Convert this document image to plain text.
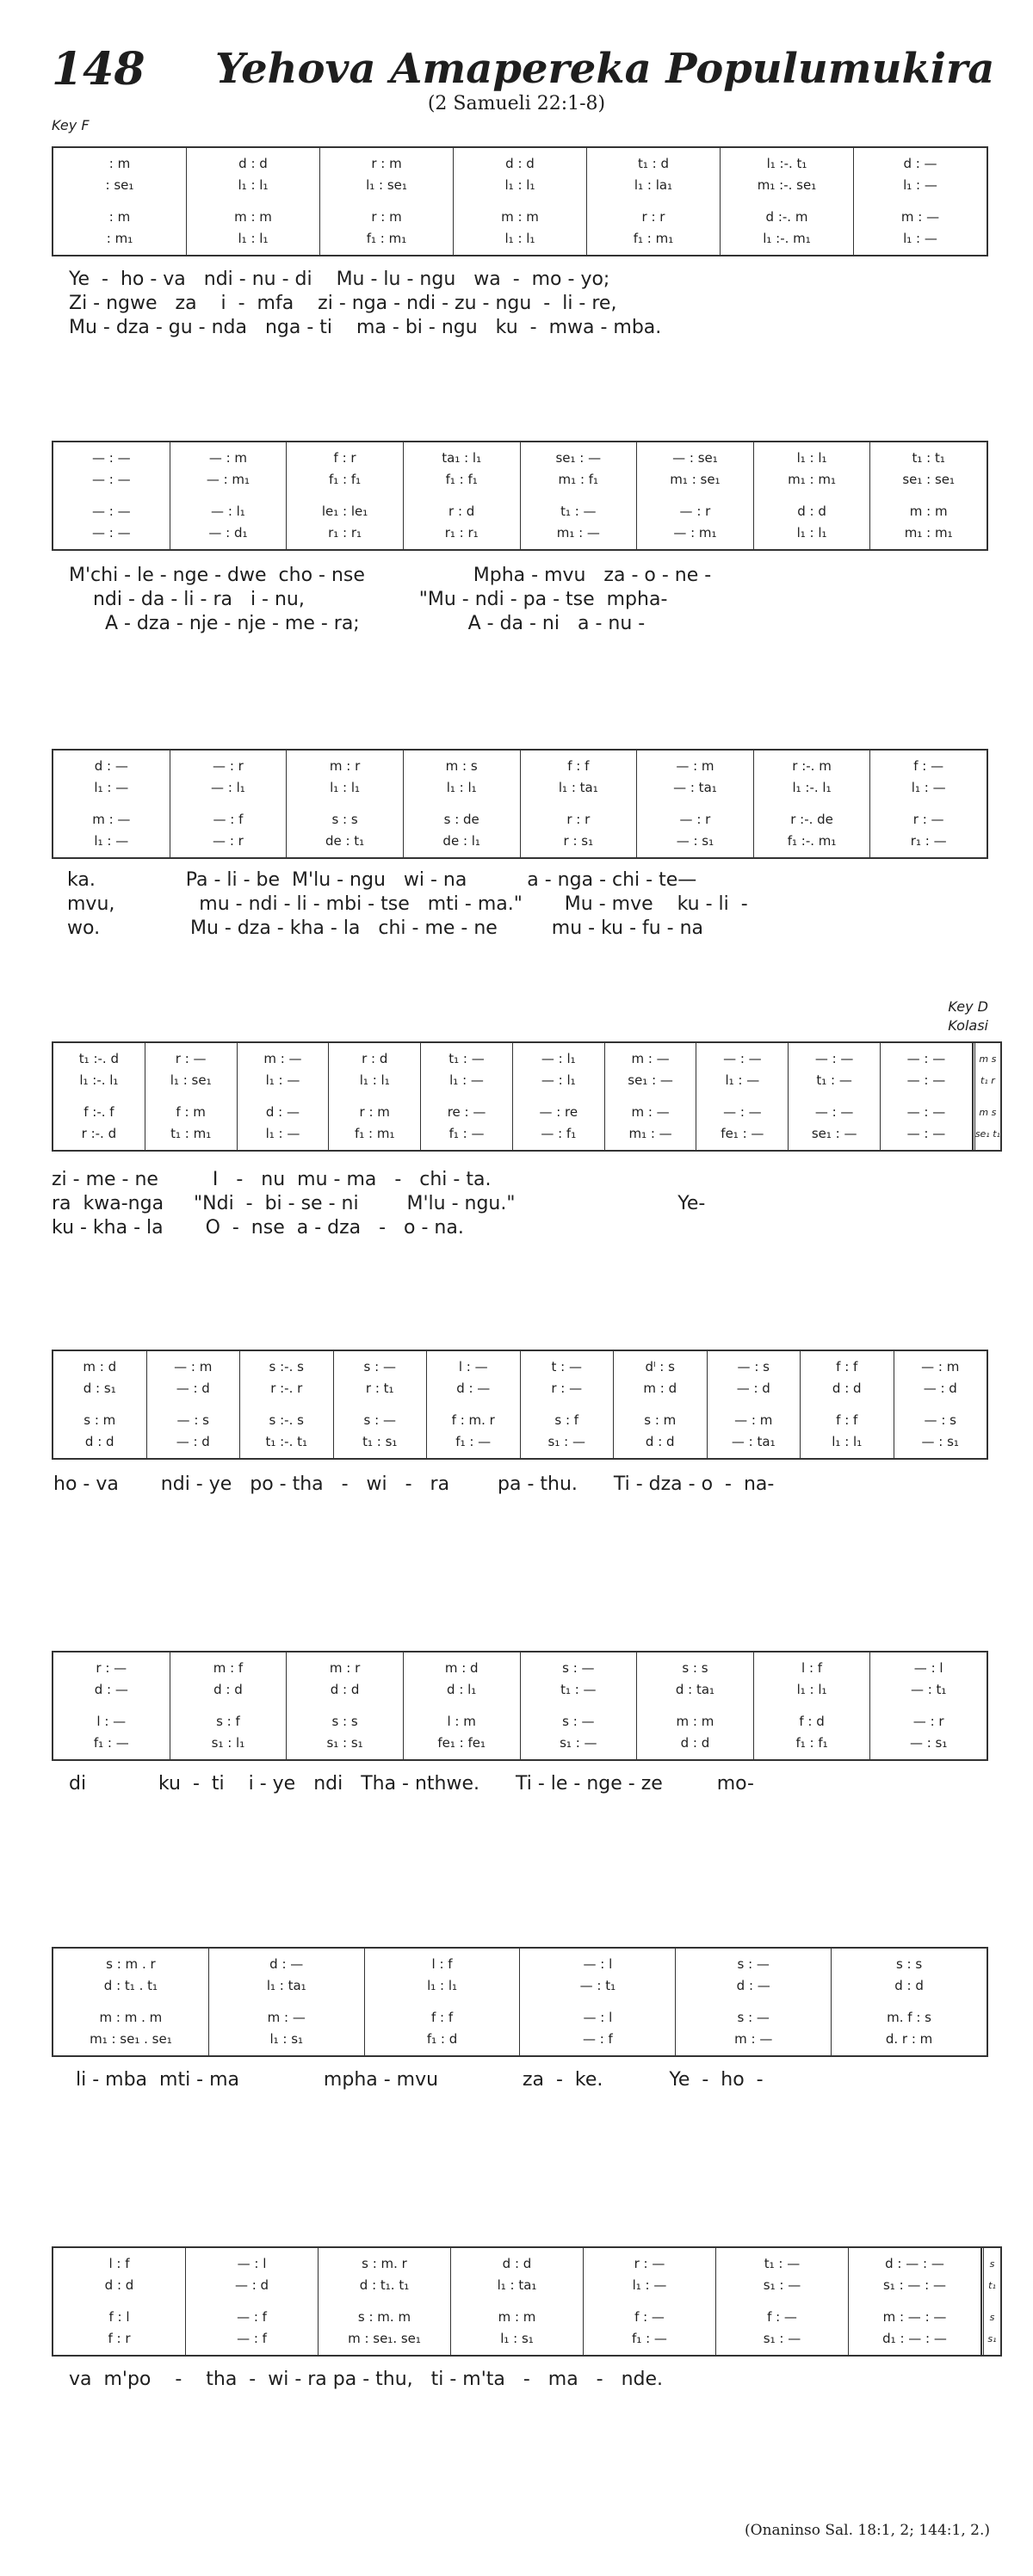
148 Yehova Amapereka Populumukira
(2 Samueli 22:1-8)
Key F
Key D
Kolasi
: m
: se₁
: m
: m₁
d : d
l₁ : l₁
m : m
l₁ : l₁
r : m
l₁ : se₁
r : m
f₁ : m₁
d : d
l₁ : l₁
m : m
l₁ : l₁
t₁ : d
l₁ : la₁
r : r
f₁ : m₁
l₁ :-. t₁
m₁ :-. se₁
d :-. m
l₁ :-. m₁
d : —
l₁ : —
m : —
l₁ : —
Ye  -  ho - va   ndi - nu - di    Mu - lu - ngu   wa  -  mo - yo;
Zi - ngwe   za    i  -  mfa    zi - nga - ndi - zu - ngu  -  li - re,
Mu - dza - gu - nda   nga - ti    ma - bi - ngu   ku  -  mwa - mba.
— : —
— : —
— : —
— : —
— : m
— : m₁
— : l₁
— : d₁
f : r
f₁ : f₁
le₁ : le₁
r₁ : r₁
ta₁ : l₁
f₁ : f₁
r : d
r₁ : r₁
se₁ : —
m₁ : f₁
t₁ : —
m₁ : —
— : se₁
m₁ : se₁
— : r
— : m₁
l₁ : l₁
m₁ : m₁
d : d
l₁ : l₁
t₁ : t₁
se₁ : se₁
m : m
m₁ : m₁
M'chi - le - nge - dwe  cho - nse                  Mpha - mvu   za - o - ne -
ndi - da - li - ra   i - nu,                   "Mu - ndi - pa - tse  mpha-
A - dza - nje - nje - me - ra;                  A - da - ni   a - nu -
d : —
l₁ : —
m : —
l₁ : —
— : r
— : l₁
— : f
— : r
m : r
l₁ : l₁
s : s
de : t₁
m : s
l₁ : l₁
s : de
de : l₁
f : f
l₁ : ta₁
r : r
r : s₁
— : m
— : ta₁
— : r
— : s₁
r :-. m
l₁ :-. l₁
r :-. de
f₁ :-. m₁
f : —
l₁ : —
r : —
r₁ : —
ka.               Pa - li - be  M'lu - ngu   wi - na          a - nga - chi - te—
mvu,              mu - ndi - li - mbi - tse   mti - ma."       Mu - mve    ku - li  -
wo.               Mu - dza - kha - la   chi - me - ne         mu - ku - fu - na
t₁ :-. d
l₁ :-. l₁
f :-. f
r :-. d
r : —
l₁ : se₁
f : m
t₁ : m₁
m : —
l₁ : —
d : —
l₁ : —
r : d
l₁ : l₁
r : m
f₁ : m₁
t₁ : —
l₁ : —
re : —
f₁ : —
— : l₁
— : l₁
— : re
— : f₁
m : —
se₁ : —
m : —
m₁ : —
— : —
l₁ : —
— : —
fe₁ : —
— : —
t₁ : —
— : —
se₁ : —
— : —
— : —
— : —
— : —
m s
t₁ r
m s
se₁ t₁
zi - me - ne         I   -   nu  mu - ma   -   chi - ta.
ra  kwa-nga     "Ndi  -  bi - se - ni        M'lu - ngu."                           Ye-
ku - kha - la       O  -  nse  a - dza   -   o - na.
m : d
d : s₁
s : m
d : d
— : m
— : d
— : s
— : d
s :-. s
r :-. r
s :-. s
t₁ :-. t₁
s : —
r : t₁
s : —
t₁ : s₁
l : —
d : —
f : m. r
f₁ : —
t : —
r : —
s : f
s₁ : —
dˡ : s
m : d
s : m
d : d
— : s
— : d
— : m
— : ta₁
f : f
d : d
f : f
l₁ : l₁
— : m
— : d
— : s
— : s₁
ho - va       ndi - ye   po - tha   -   wi   -   ra        pa - thu.      Ti - dza - o  -  na-
r : —
d : —
l : —
f₁ : —
m : f
d : d
s : f
s₁ : l₁
m : r
d : d
s : s
s₁ : s₁
m : d
d : l₁
l : m
fe₁ : fe₁
s : —
t₁ : —
s : —
s₁ : —
s : s
d : ta₁
m : m
d : d
l : f
l₁ : l₁
f : d
f₁ : f₁
— : l
— : t₁
— : r
— : s₁
di            ku  -  ti    i - ye   ndi   Tha - nthwe.      Ti - le - nge - ze         mo-
s : m . r
d : t₁ . t₁
m : m . m
m₁ : se₁ . se₁
d : —
l₁ : ta₁
m : —
l₁ : s₁
l : f
l₁ : l₁
f : f
f₁ : d
— : l
— : t₁
— : l
— : f
s : —
d : —
s : —
m : —
s : s
d : d
m. f : s
d. r : m
li - mba  mti - ma              mpha - mvu              za  -  ke.           Ye  -  ho  -
l : f
d : d
f : l
f : r
— : l
— : d
— : f
— : f
s : m. r
d : t₁. t₁
s : m. m
m : se₁. se₁
d : d
l₁ : ta₁
m : m
l₁ : s₁
r : —
l₁ : —
f : —
f₁ : —
t₁ : —
s₁ : —
f : —
s₁ : —
d : — : —
s₁ : — : —
m : — : —
d₁ : — : —
s
t₁
s
s₁
va  m'po    -    tha  -  wi - ra pa - thu,   ti - m'ta   -   ma   -   nde.
(Onaninso Sal. 18:1, 2; 144:1, 2.)
